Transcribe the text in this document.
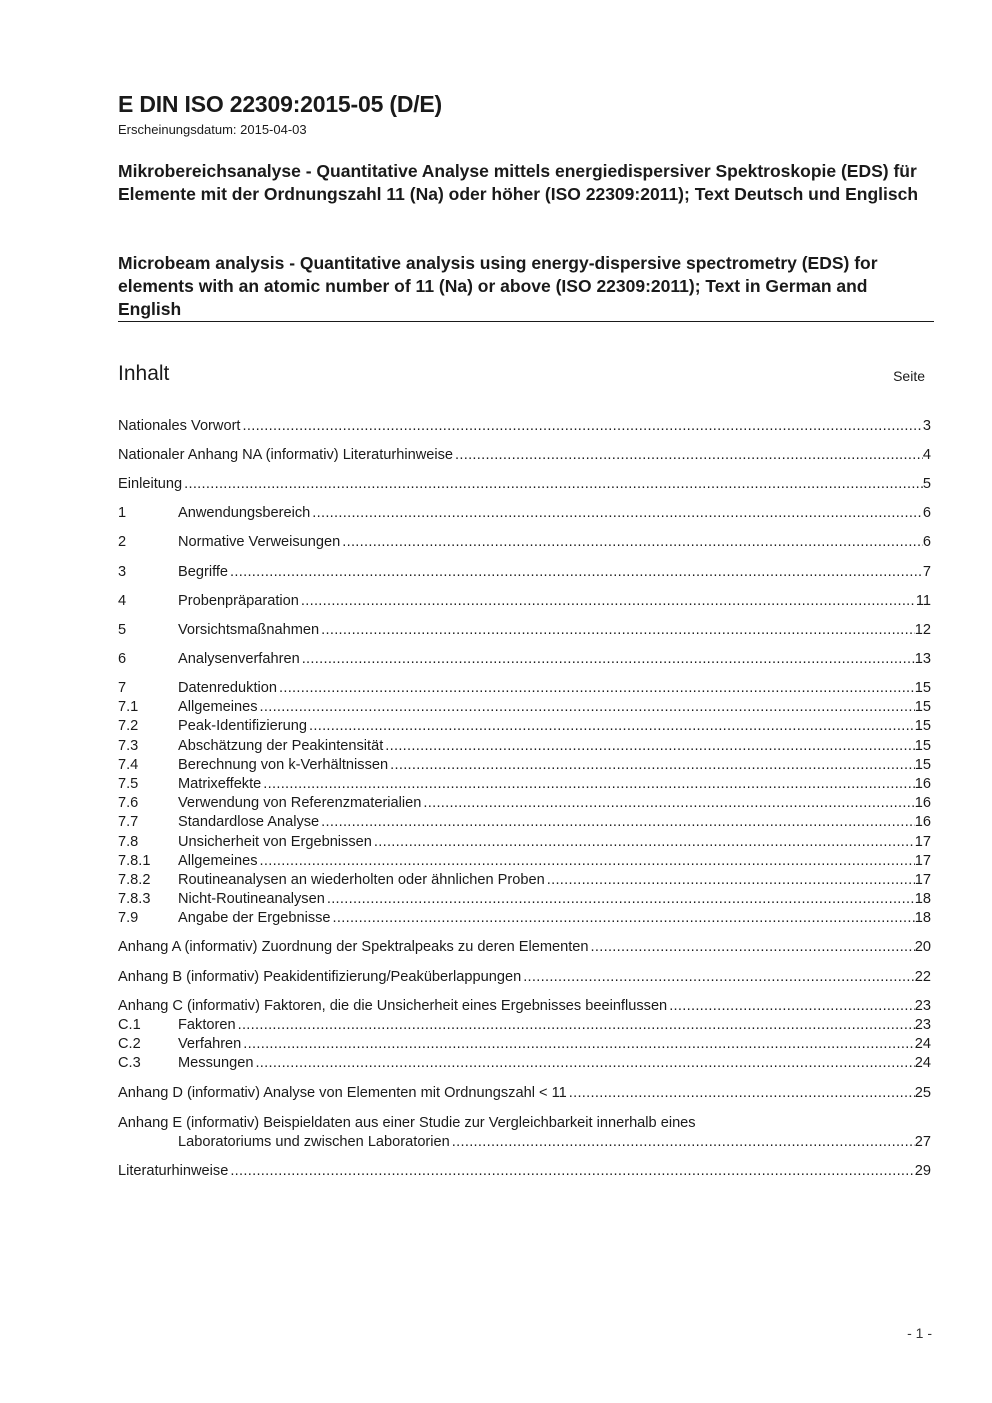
E DIN ISO 22309:2015-05 (D/E)
Erscheinungsdatum: 2015-04-03
Mikrobereichsanalyse - Quantitative Analyse mittels energiedispersiver Spektroskopie (EDS) für Elemente mit der Ordnungszahl 11 (Na) oder höher (ISO 22309:2011); Text Deutsch und Englisch
Microbeam analysis - Quantitative analysis using energy-dispersive spectrometry (EDS) for elements with an atomic number of 11 (Na) or above (ISO 22309:2011); Text in German and English
Inhalt	Seite
Nationales Vorwort .....	3
Nationaler Anhang NA (informativ) Literaturhinweise .....	4
Einleitung .....	5
1	Anwendungsbereich .....	6
2	Normative Verweisungen .....	6
3	Begriffe .....	7
4	Probenpräparation .....	11
5	Vorsichtsmaßnahmen .....	12
6	Analysenverfahren .....	13
7	Datenreduktion .....	15
7.1	Allgemeines .....	15
7.2	Peak-Identifizierung .....	15
7.3	Abschätzung der Peakintensität .....	15
7.4	Berechnung von k-Verhältnissen .....	15
7.5	Matrixeffekte .....	16
7.6	Verwendung von Referenzmaterialien .....	16
7.7	Standardlose Analyse .....	16
7.8	Unsicherheit von Ergebnissen .....	17
7.8.1	Allgemeines .....	17
7.8.2	Routineanalysen an wiederholten oder ähnlichen Proben .....	17
7.8.3	Nicht-Routineanalysen .....	18
7.9	Angabe der Ergebnisse .....	18
Anhang A (informativ) Zuordnung der Spektralpeaks zu deren Elementen .....	20
Anhang B (informativ) Peakidentifizierung/Peaküberlappungen .....	22
Anhang C (informativ) Faktoren, die die Unsicherheit eines Ergebnisses beeinflussen .....	23
C.1	Faktoren .....	23
C.2	Verfahren .....	24
C.3	Messungen .....	24
Anhang D (informativ) Analyse von Elementen mit Ordnungszahl < 11 .....	25
Anhang E (informativ) Beispieldaten aus einer Studie zur Vergleichbarkeit innerhalb eines
Laboratoriums und zwischen Laboratorien .....	27
Literaturhinweise .....	29
- 1 -
